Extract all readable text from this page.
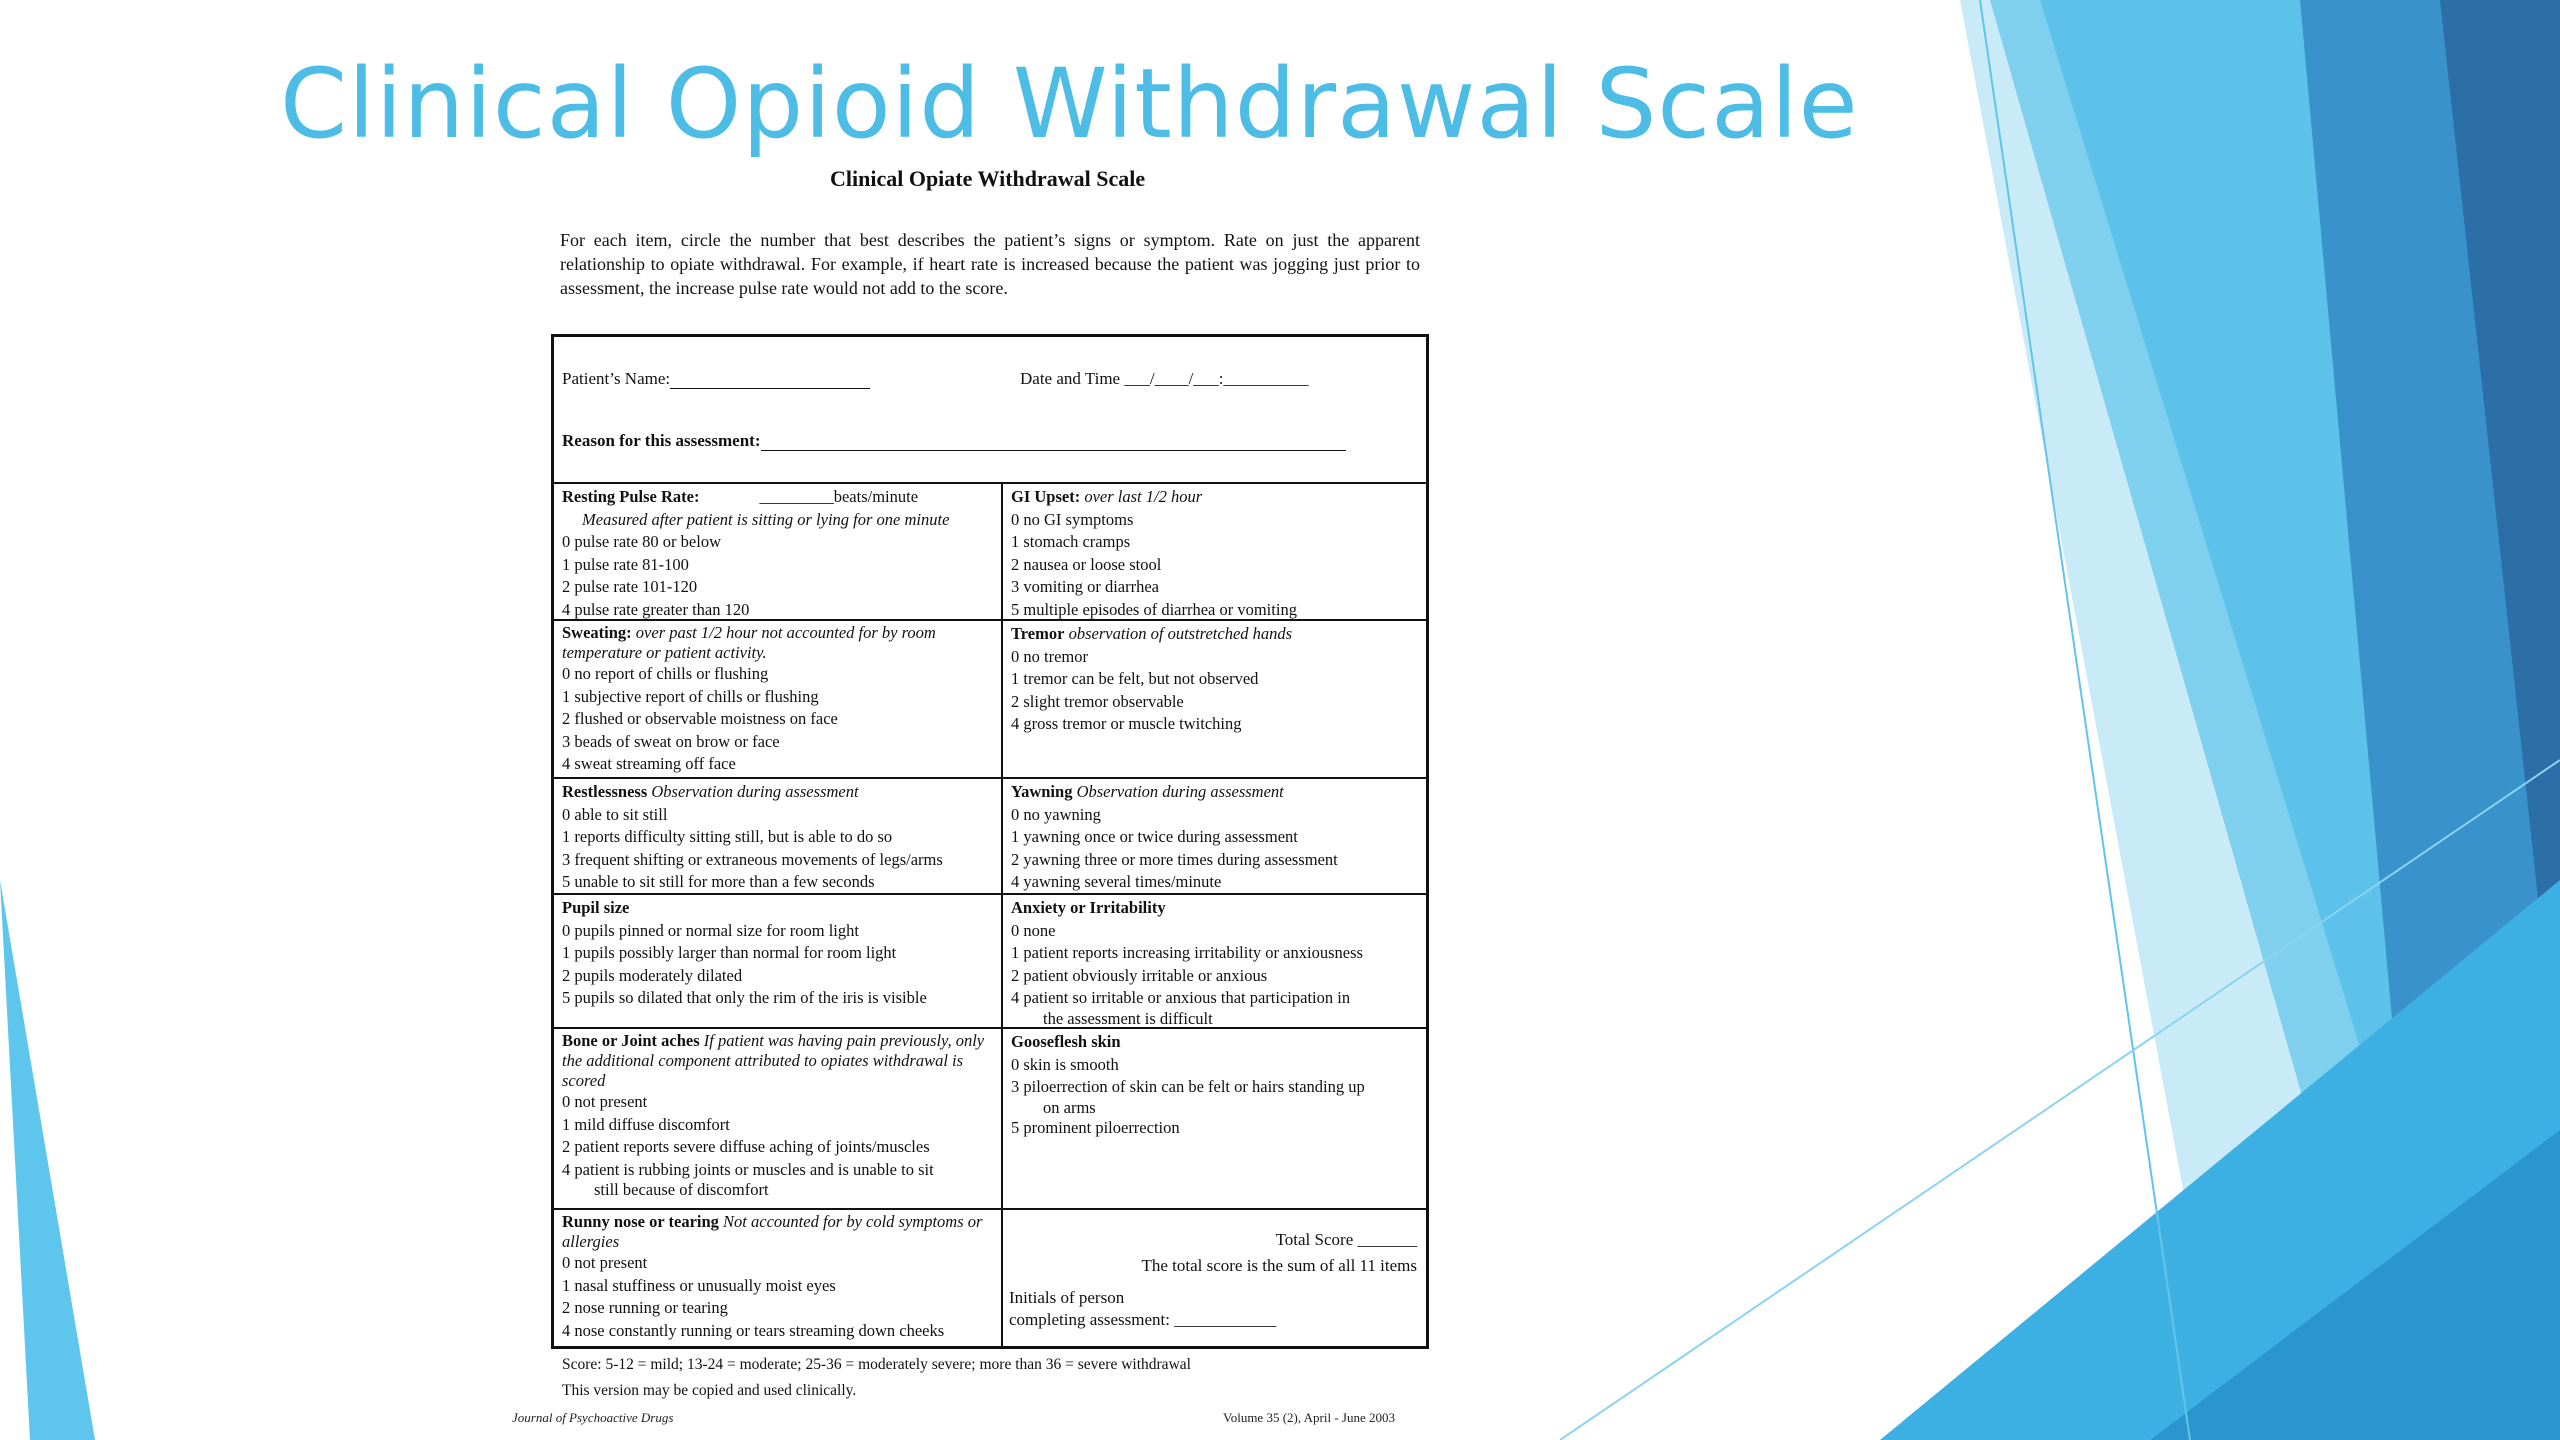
Clinical Opioid Withdrawal Scale
Clinical Opiate Withdrawal Scale
For each item, circle the number that best describes the patient’s signs or symptom. Rate on just the apparent relationship to opiate withdrawal. For example, if heart rate is increased because the patient was jogging just prior to assessment, the increase pulse rate would not add to the score.
Patient’s Name:	Date and Time ___/____/___:__________
Reason for this assessment:
Resting Pulse Rate:	_________beats/minute
Measured after patient is sitting or lying for one minute
0 pulse rate 80 or below
1 pulse rate 81-100
2 pulse rate 101-120
4 pulse rate greater than 120
GI Upset: over last 1/2 hour
0 no GI symptoms
1 stomach cramps
2 nausea or loose stool
3 vomiting or diarrhea
5 multiple episodes of diarrhea or vomiting
Sweating: over past 1/2 hour not accounted for by room temperature or patient activity.
0 no report of chills or flushing
1 subjective report of chills or flushing
2 flushed or observable moistness on face
3 beads of sweat on brow or face
4 sweat streaming off face
Tremor observation of outstretched hands
0 no tremor
1 tremor can be felt, but not observed
2 slight tremor observable
4 gross tremor or muscle twitching
Restlessness Observation during assessment
0 able to sit still
1 reports difficulty sitting still, but is able to do so
3 frequent shifting or extraneous movements of legs/arms
5 unable to sit still for more than a few seconds
Yawning Observation during assessment
0 no yawning
1 yawning once or twice during assessment
2 yawning three or more times during assessment
4 yawning several times/minute
Pupil size
0 pupils pinned or normal size for room light
1 pupils possibly larger than normal for room light
2 pupils moderately dilated
5 pupils so dilated that only the rim of the iris is visible
Anxiety or Irritability
0 none
1 patient reports increasing irritability or anxiousness
2 patient obviously irritable or anxious
4 patient so irritable or anxious that participation in
the assessment is difficult
Bone or Joint aches If patient was having pain previously, only the additional component attributed to opiates withdrawal is scored
0 not present
1 mild diffuse discomfort
2 patient reports severe diffuse aching of joints/muscles
4 patient is rubbing joints or muscles and is unable to sit
still because of discomfort
Gooseflesh skin
0 skin is smooth
3 piloerrection of skin can be felt or hairs standing up
on arms
5 prominent piloerrection
Runny nose or tearing Not accounted for by cold symptoms or allergies
0 not present
1 nasal stuffiness or unusually moist eyes
2 nose running or tearing
4 nose constantly running or tears streaming down cheeks
Total Score _______
The total score is the sum of all 11 items
Initials of person
completing assessment: ____________
Score: 5-12 = mild; 13-24 = moderate; 25-36 = moderately severe; more than 36 = severe withdrawal
This version may be copied and used clinically.
Journal of Psychoactive Drugs	Volume 35 (2), April - June 2003
